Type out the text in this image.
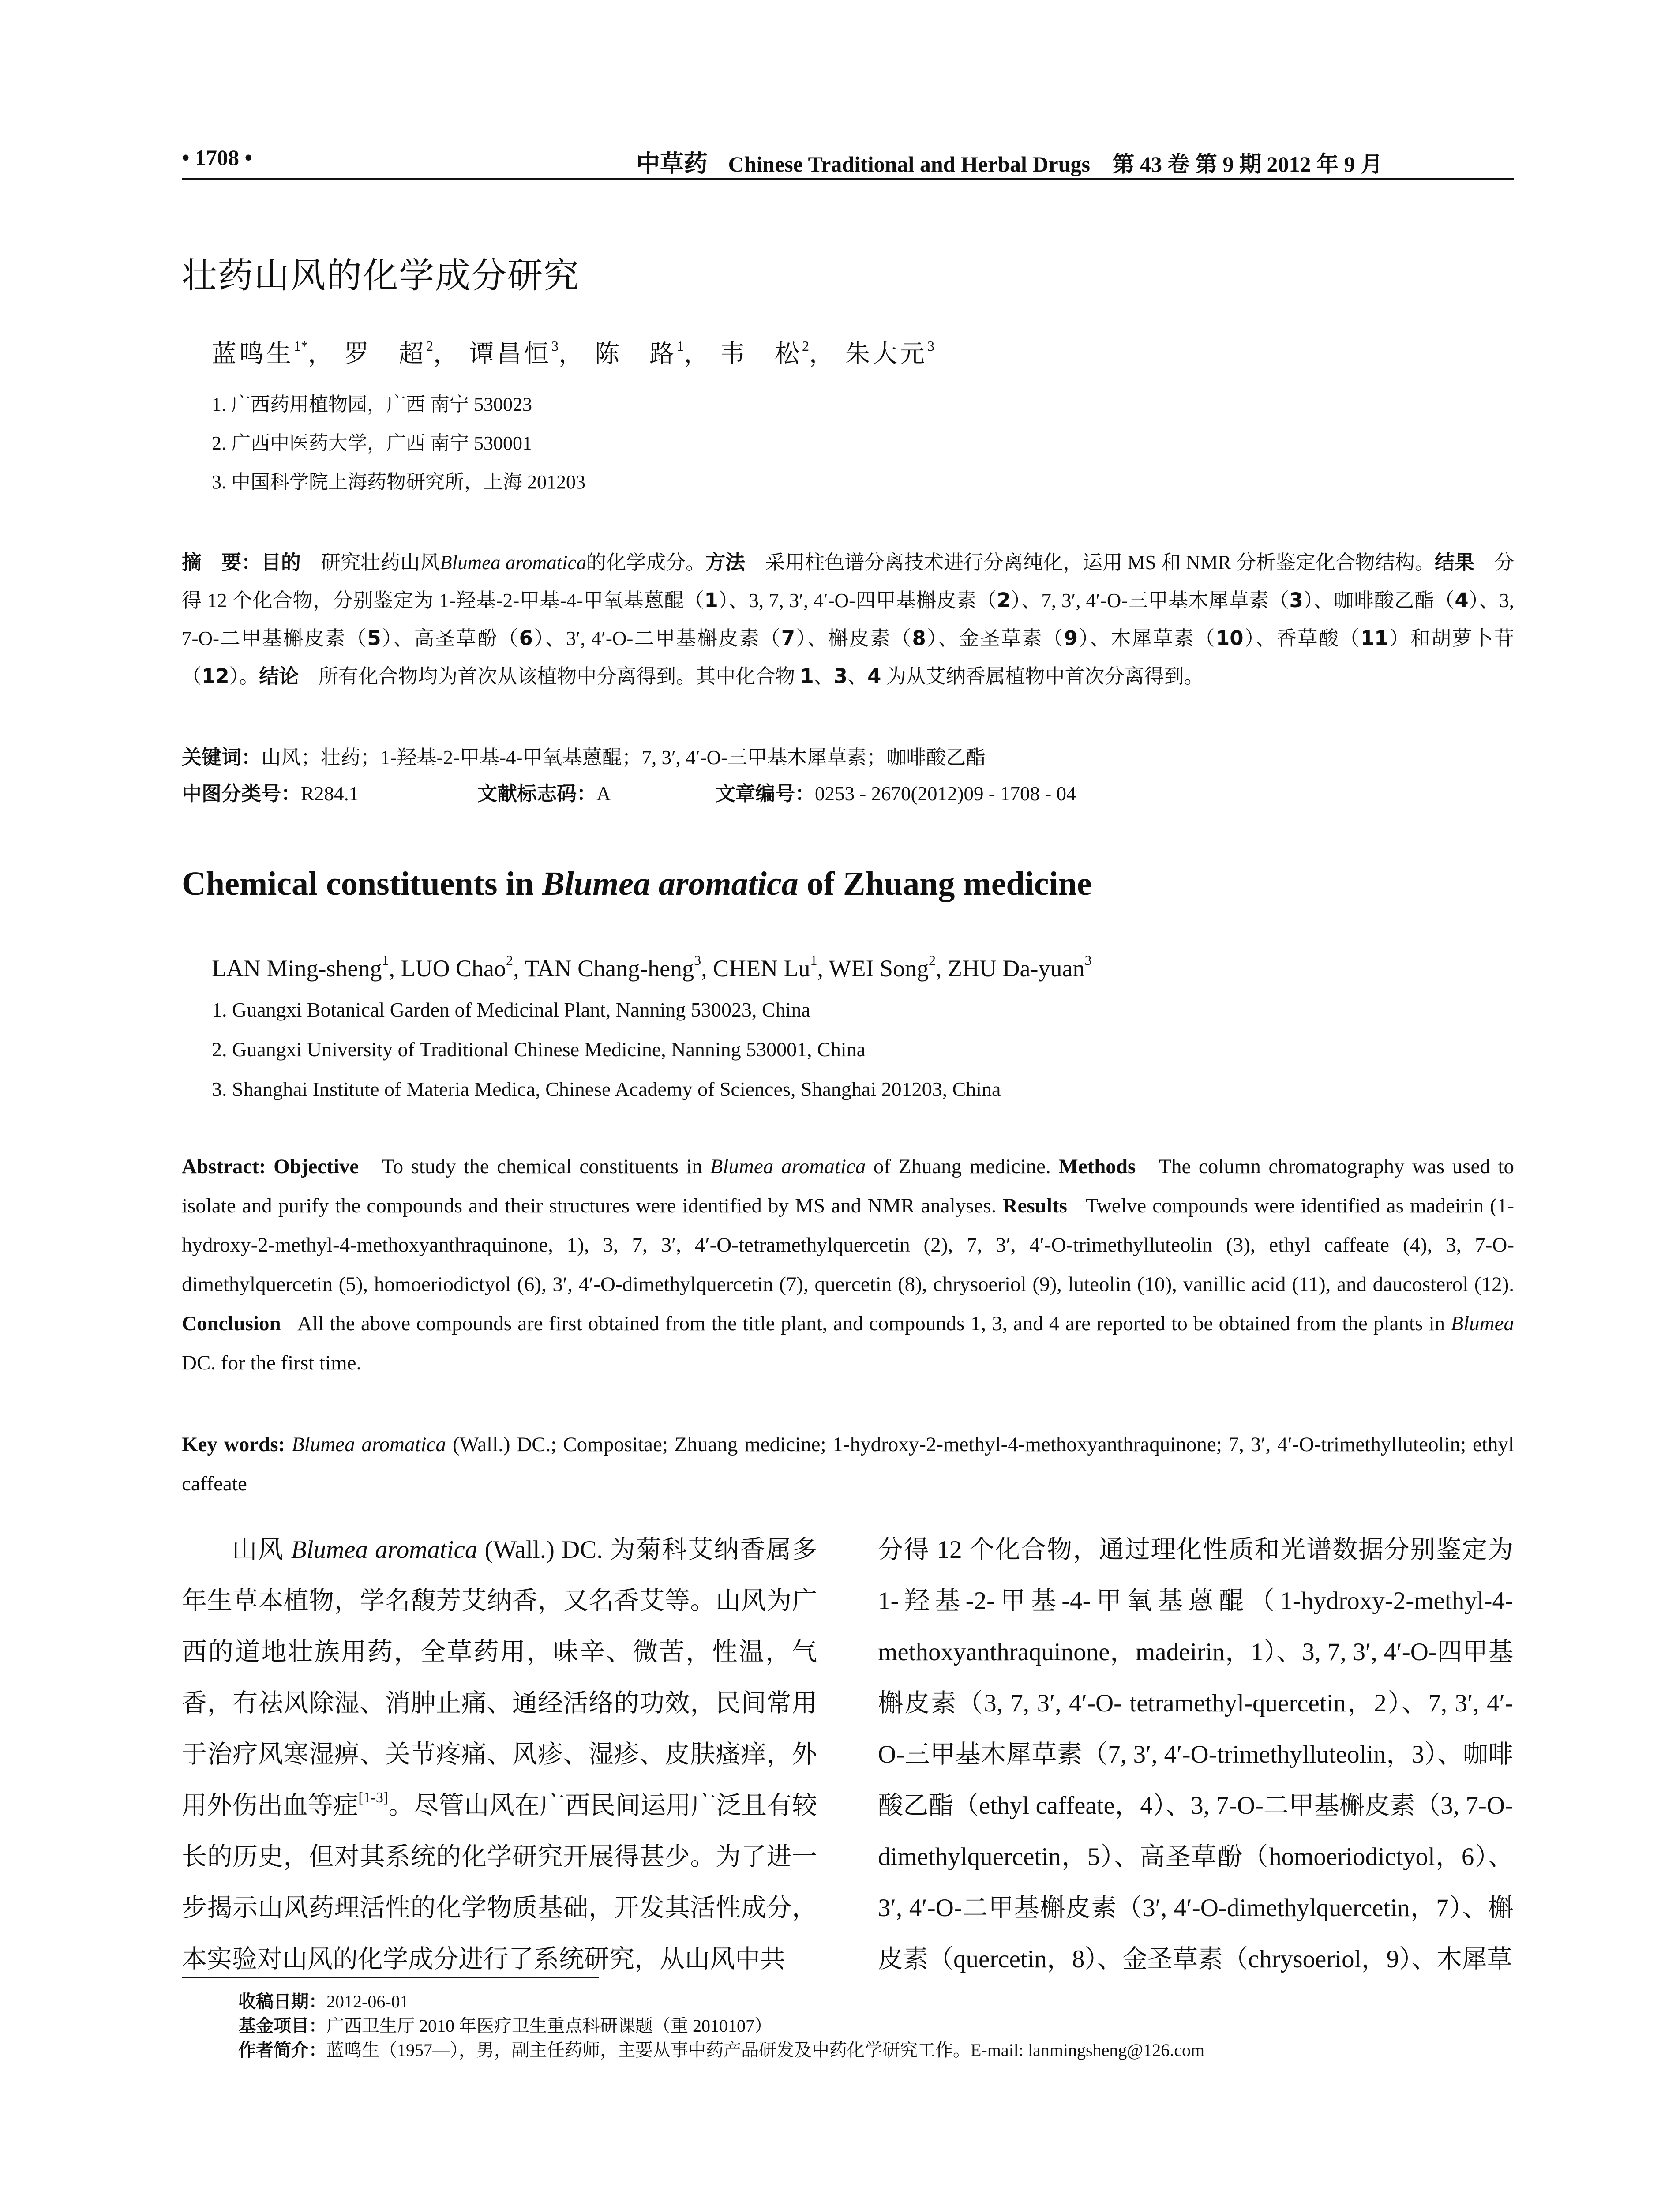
• 1708 •	中草药 Chinese Traditional and Herbal Drugs 第 43 卷 第 9 期 2012 年 9 月
壮药山风的化学成分研究
蓝鸣生$^{1*}$， 罗　超$^2$， 谭昌恒$^3$， 陈　路$^1$， 韦　松$^2$， 朱大元$^3$
1. 广西药用植物园，广西 南宁 530023
2. 广西中医药大学，广西 南宁 530001
3. 中国科学院上海药物研究所，上海 201203
摘　要：目的　 研究壮药山风Blumea aromatica的化学成分。方法　 采用柱色谱分离技术进行分离纯化，运用 MS 和 NMR 分析鉴定化合物结构。结果　 分得 12 个化合物，分别鉴定为 1-羟基-2-甲基-4-甲氧基蒽醌（1）、3, 7, 3′, 4′-O-四甲基槲皮素（2）、7, 3′, 4′-O-三甲基木犀草素（3）、咖啡酸乙酯（4）、3, 7-O-二甲基槲皮素（5）、高圣草酚（6）、3′, 4′-O-二甲基槲皮素（7）、槲皮素（8）、金圣草素（9）、木犀草素（10）、香草酸（11）和胡萝卜苷（12）。结论　 所有化合物均为首次从该植物中分离得到。其中化合物 1、3、4 为从艾纳香属植物中首次分离得到。
关键词：山风；壮药；1-羟基-2-甲基-4-甲氧基蒽醌；7, 3′, 4′-O-三甲基木犀草素；咖啡酸乙酯
中图分类号：R284.1	文献标志码：A	文章编号：0253 - 2670(2012)09 - 1708 - 04
Chemical constituents in Blumea aromatica of Zhuang medicine
LAN Ming-sheng$^1$, LUO Chao$^2$, TAN Chang-heng$^3$, CHEN Lu$^1$, WEI Song$^2$, ZHU Da-yuan$^3$
1. Guangxi Botanical Garden of Medicinal Plant, Nanning 530023, China
2. Guangxi University of Traditional Chinese Medicine, Nanning 530001, China
3. Shanghai Institute of Materia Medica, Chinese Academy of Sciences, Shanghai 201203, China
Abstract: Objective To study the chemical constituents in Blumea aromatica of Zhuang medicine. Methods The column chromatography was used to isolate and purify the compounds and their structures were identified by MS and NMR analyses. Results Twelve compounds were identified as madeirin (1-hydroxy-2-methyl-4-methoxyanthraquinone, 1), 3, 7, 3′, 4′-O-tetramethylquercetin (2), 7, 3′, 4′-O-trimethylluteolin (3), ethyl caffeate (4), 3, 7-O-dimethylquercetin (5), homoeriodictyol (6), 3′, 4′-O-dimethylquercetin (7), quercetin (8), chrysoeriol (9), luteolin (10), vanillic acid (11), and daucosterol (12). Conclusion All the above compounds are first obtained from the title plant, and compounds 1, 3, and 4 are reported to be obtained from the plants in Blumea DC. for the first time.
Key words: Blumea aromatica (Wall.) DC.; Compositae; Zhuang medicine; 1-hydroxy-2-methyl-4-methoxyanthraquinone; 7, 3′, 4′-O-trimethylluteolin; ethyl caffeate
山风 Blumea aromatica (Wall.) DC. 为菊科艾纳香属多年生草本植物，学名馥芳艾纳香，又名香艾等。山风为广西的道地壮族用药，全草药用，味辛、微苦，性温，气香，有祛风除湿、消肿止痛、通经活络的功效，民间常用于治疗风寒湿痹、关节疼痛、风疹、湿疹、皮肤瘙痒，外用外伤出血等症[1-3]。尽管山风在广西民间运用广泛且有较长的历史，但对其系统的化学研究开展得甚少。为了进一步揭示山风药理活性的化学物质基础，开发其活性成分，本实验对山风的化学成分进行了系统研究，从山风中共
分得 12 个化合物，通过理化性质和光谱数据分别鉴定为 1-羟基-2-甲基-4-甲氧基蒽醌（1-hydroxy-2-methyl-4-methoxyanthraquinone，madeirin，1）、3, 7, 3′, 4′-O-四甲基槲皮素（3, 7, 3′, 4′-O- tetramethyl-quercetin，2）、7, 3′, 4′-O-三甲基木犀草素（7, 3′, 4′-O-trimethylluteolin，3）、咖啡酸乙酯（ethyl caffeate，4）、3, 7-O-二甲基槲皮素（3, 7-O-dimethylquercetin，5）、高圣草酚（homoeriodictyol，6）、3′, 4′-O-二甲基槲皮素（3′, 4′-O-dimethylquercetin，7）、槲皮素（quercetin，8）、金圣草素（chrysoeriol，9）、木犀草
收稿日期：2012-06-01
基金项目：广西卫生厅 2010 年医疗卫生重点科研课题（重 2010107）
作者简介：蓝鸣生（1957—），男，副主任药师，主要从事中药产品研发及中药化学研究工作。E-mail: lanmingsheng@126.com
